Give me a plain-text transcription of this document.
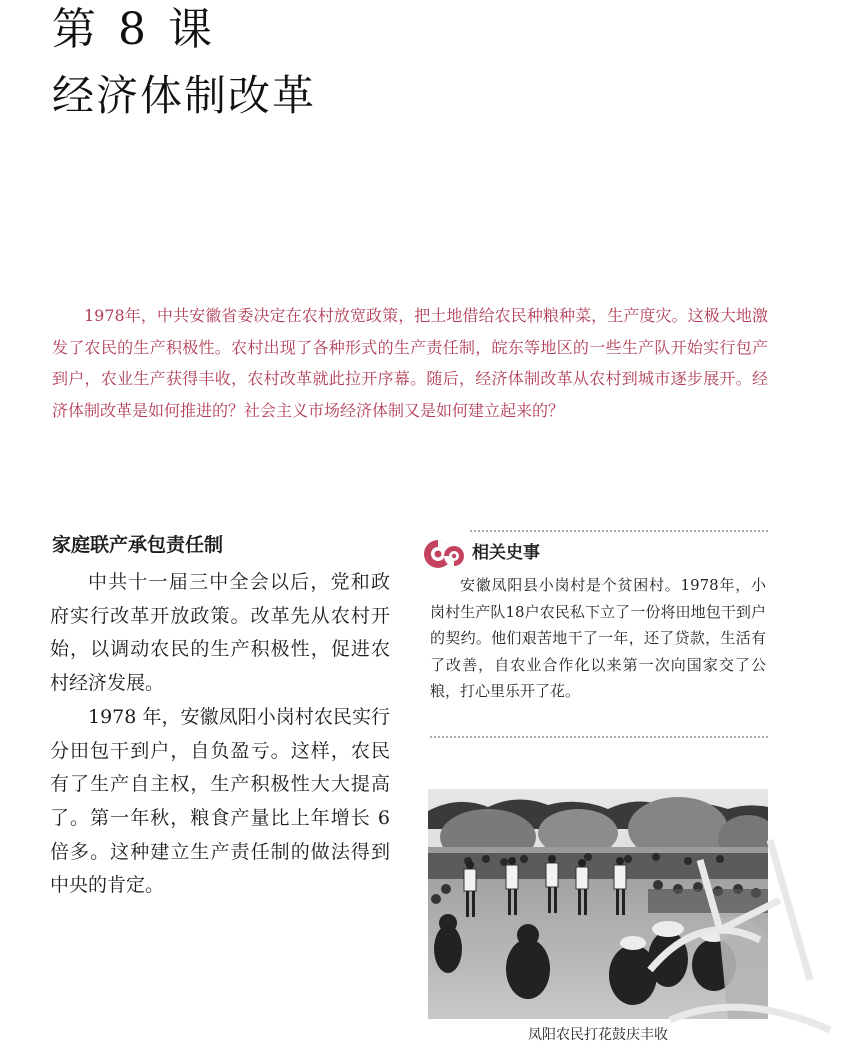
第 8 课
经济体制改革

1978年，中共安徽省委决定在农村放宽政策，把土地借给农民种粮种菜，生产度灾。这极大地激发了农民的生产积极性。农村出现了各种形式的生产责任制，皖东等地区的一些生产队开始实行包产到户，农业生产获得丰收，农村改革就此拉开序幕。随后，经济体制改革从农村到城市逐步展开。经济体制改革是如何推进的？社会主义市场经济体制又是如何建立起来的？

家庭联产承包责任制

中共十一届三中全会以后，党和政府实行改革开放政策。改革先从农村开始，以调动农民的生产积极性，促进农村经济发展。

1978 年，安徽凤阳小岗村农民实行分田包干到户，自负盈亏。这样，农民有了生产自主权，生产积极性大大提高了。第一年秋，粮食产量比上年增长 6 倍多。这种建立生产责任制的做法得到中央的肯定。

相关史事

安徽凤阳县小岗村是个贫困村。1978年，小岗村生产队18户农民私下立了一份将田地包干到户的契约。他们艰苦地干了一年，还了贷款，生活有了改善，自农业合作化以来第一次向国家交了公粮，打心里乐开了花。

凤阳农民打花鼓庆丰收
